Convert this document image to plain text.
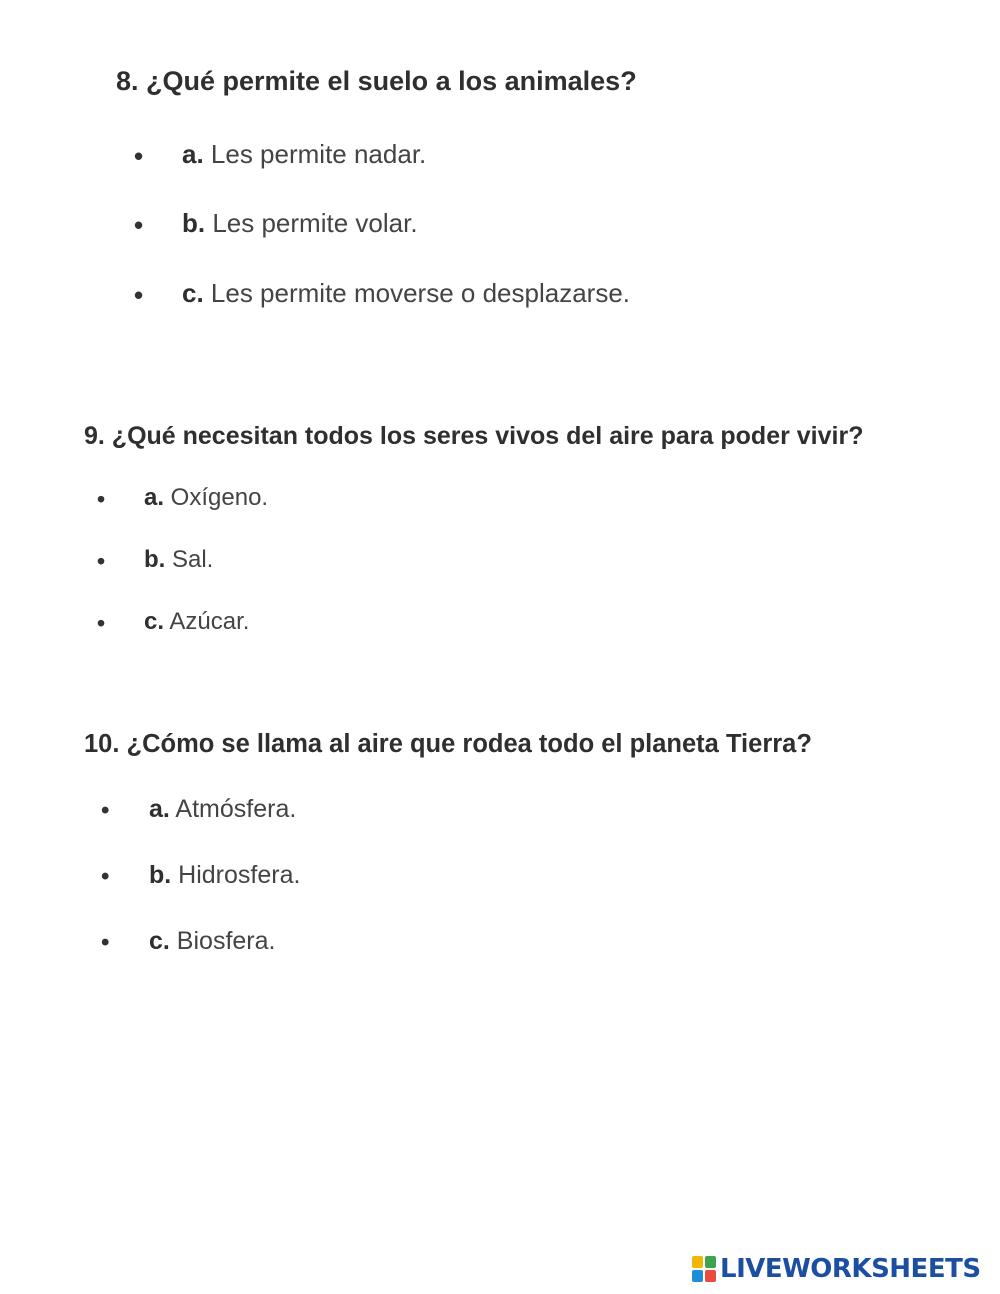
8. ¿Qué permite el suelo a los animales?
• a. Les permite nadar.
• b. Les permite volar.
• c. Les permite moverse o desplazarse.
9. ¿Qué necesitan todos los seres vivos del aire para poder vivir?
• a. Oxígeno.
• b. Sal.
• c. Azúcar.
10. ¿Cómo se llama al aire que rodea todo el planeta Tierra?
• a. Atmósfera.
• b. Hidrosfera.
• c. Biosfera.
LIVEWORKSHEETS
